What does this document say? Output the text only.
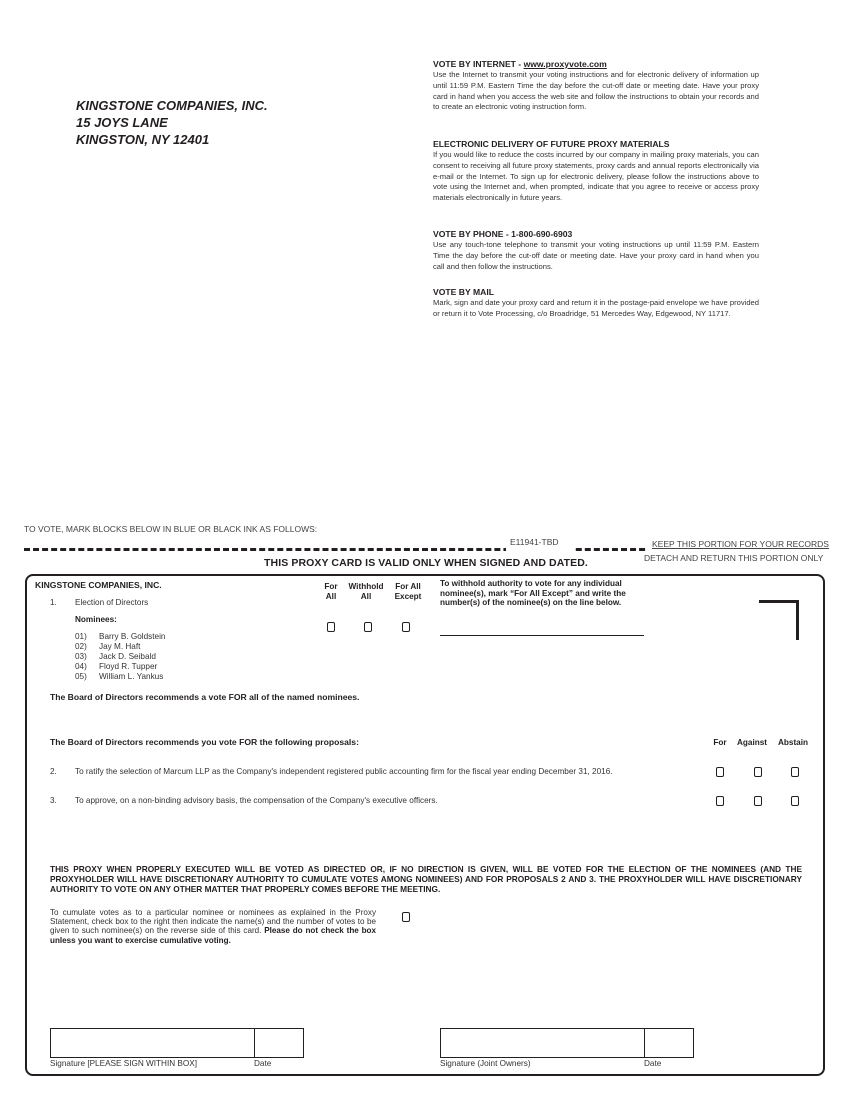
KINGSTONE COMPANIES, INC.
15 JOYS LANE
KINGSTON, NY 12401
VOTE BY INTERNET - www.proxyvote.com
Use the Internet to transmit your voting instructions and for electronic delivery of information up until 11:59 P.M. Eastern Time the day before the cut-off date or meeting date. Have your proxy card in hand when you access the web site and follow the instructions to obtain your records and to create an electronic voting instruction form.
ELECTRONIC DELIVERY OF FUTURE PROXY MATERIALS
If you would like to reduce the costs incurred by our company in mailing proxy materials, you can consent to receiving all future proxy statements, proxy cards and annual reports electronically via e-mail or the Internet. To sign up for electronic delivery, please follow the instructions above to vote using the Internet and, when prompted, indicate that you agree to receive or access proxy materials electronically in future years.
VOTE BY PHONE - 1-800-690-6903
Use any touch-tone telephone to transmit your voting instructions up until 11:59 P.M. Eastern Time the day before the cut-off date or meeting date. Have your proxy card in hand when you call and then follow the instructions.
VOTE BY MAIL
Mark, sign and date your proxy card and return it in the postage-paid envelope we have provided or return it to Vote Processing, c/o Broadridge, 51 Mercedes Way, Edgewood, NY 11717.
TO VOTE, MARK BLOCKS BELOW IN BLUE OR BLACK INK AS FOLLOWS:
E11941-TBD	KEEP THIS PORTION FOR YOUR RECORDS
DETACH AND RETURN THIS PORTION ONLY
THIS PROXY CARD IS VALID ONLY WHEN SIGNED AND DATED.
KINGSTONE COMPANIES, INC.
1. Election of Directors
Nominees:
01) Barry B. Goldstein
02) Jay M. Haft
03) Jack D. Seibald
04) Floyd R. Tupper
05) William L. Yankus
For
All
Withhold
All
For All
Except
To withhold authority to vote for any individual nominee(s), mark “For All Except” and write the number(s) of the nominee(s) on the line below.
The Board of Directors recommends a vote FOR all of the named nominees.
The Board of Directors recommends you vote FOR the following proposals:	For	Against	Abstain
2. To ratify the selection of Marcum LLP as the Company's independent registered public accounting firm for the fiscal year ending December 31, 2016.
3. To approve, on a non-binding advisory basis, the compensation of the Company's executive officers.
THIS PROXY WHEN PROPERLY EXECUTED WILL BE VOTED AS DIRECTED OR, IF NO DIRECTION IS GIVEN, WILL BE VOTED FOR THE ELECTION OF THE NOMINEES (AND THE PROXYHOLDER WILL HAVE DISCRETIONARY AUTHORITY TO CUMULATE VOTES AMONG NOMINEES) AND FOR PROPOSALS 2 AND 3. THE PROXYHOLDER WILL HAVE DISCRETIONARY AUTHORITY TO VOTE ON ANY OTHER MATTER THAT PROPERLY COMES BEFORE THE MEETING.
To cumulate votes as to a particular nominee or nominees as explained in the Proxy Statement, check box to the right then indicate the name(s) and the number of votes to be given to such nominee(s) on the reverse side of this card. Please do not check the box unless you want to exercise cumulative voting.
Signature [PLEASE SIGN WITHIN BOX]	Date	Signature (Joint Owners)	Date
